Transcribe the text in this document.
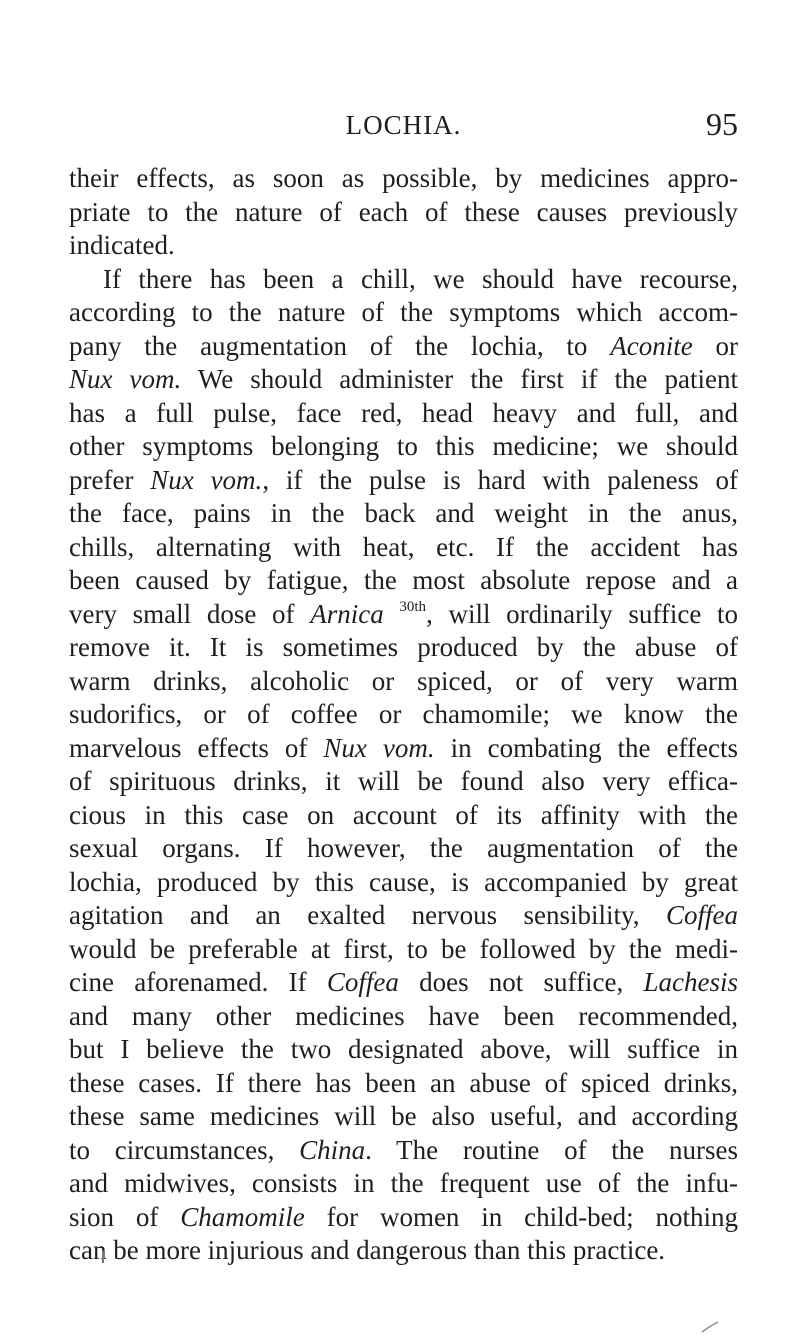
LOCHIA.	95
their effects, as soon as possible, by medicines appro-
priate to the nature of each of these causes previously
indicated.
If there has been a chill, we should have recourse,
according to the nature of the symptoms which accom-
pany the augmentation of the lochia, to Aconite or
Nux vom. We should administer the first if the patient
has a full pulse, face red, head heavy and full, and
other symptoms belonging to this medicine; we should
prefer Nux vom., if the pulse is hard with paleness of
the face, pains in the back and weight in the anus,
chills, alternating with heat, etc. If the accident has
been caused by fatigue, the most absolute repose and a
very small dose of Arnica $^{30th}$, will ordinarily suffice to
remove it. It is sometimes produced by the abuse of
warm drinks, alcoholic or spiced, or of very warm
sudorifics, or of coffee or chamomile; we know the
marvelous effects of Nux vom. in combating the effects
of spirituous drinks, it will be found also very effica-
cious in this case on account of its affinity with the
sexual organs. If however, the augmentation of the
lochia, produced by this cause, is accompanied by great
agitation and an exalted nervous sensibility, Coffea
would be preferable at first, to be followed by the medi-
cine aforenamed. If Coffea does not suffice, Lachesis
and many other medicines have been recommended,
but I believe the two designated above, will suffice in
these cases. If there has been an abuse of spiced drinks,
these same medicines will be also useful, and according
to circumstances, China. The routine of the nurses
and midwives, consists in the frequent use of the infu-
sion of Chamomile for women in child-bed; nothing
can be more injurious and dangerous than this practice.
